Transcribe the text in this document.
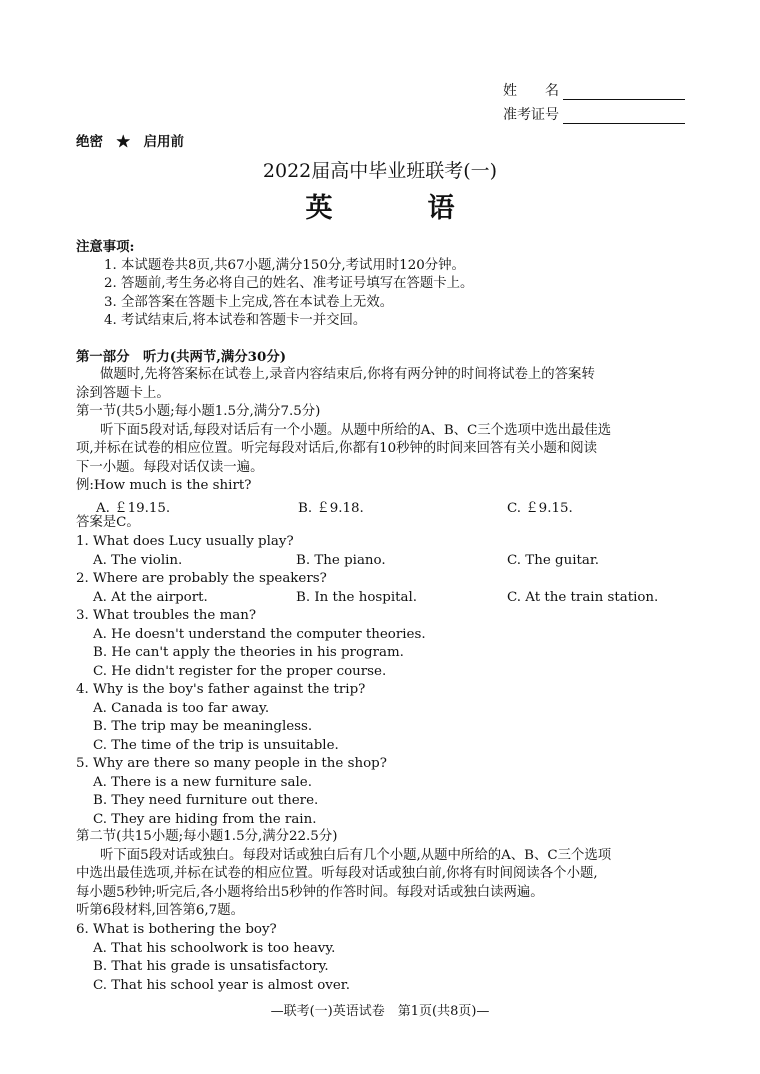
姓　　名
准考证号
绝密　★　启用前
2022届高中毕业班联考(一)
英　语
注意事项:
1. 本试题卷共8页,共67小题,满分150分,考试用时120分钟。
2. 答题前,考生务必将自己的姓名、准考证号填写在答题卡上。
3. 全部答案在答题卡上完成,答在本试卷上无效。
4. 考试结束后,将本试卷和答题卡一并交回。
第一部分　听力(共两节,满分30分)
做题时,先将答案标在试卷上,录音内容结束后,你将有两分钟的时间将试卷上的答案转
涂到答题卡上。
第一节(共5小题;每小题1.5分,满分7.5分)
听下面5段对话,每段对话后有一个小题。从题中所给的A、B、C三个选项中选出最佳选
项,并标在试卷的相应位置。听完每段对话后,你都有10秒钟的时间来回答有关小题和阅读
下一小题。每段对话仅读一遍。
例:How much is the shirt?
A. ￡19.15.	B. ￡9.18.	C. ￡9.15.
答案是C。
1. What does Lucy usually play?
A. The violin.	B. The piano.	C. The guitar.
2. Where are probably the speakers?
A. At the airport.	B. In the hospital.	C. At the train station.
3. What troubles the man?
A. He doesn't understand the computer theories.
B. He can't apply the theories in his program.
C. He didn't register for the proper course.
4. Why is the boy's father against the trip?
A. Canada is too far away.
B. The trip may be meaningless.
C. The time of the trip is unsuitable.
5. Why are there so many people in the shop?
A. There is a new furniture sale.
B. They need furniture out there.
C. They are hiding from the rain.
第二节(共15小题;每小题1.5分,满分22.5分)
听下面5段对话或独白。每段对话或独白后有几个小题,从题中所给的A、B、C三个选项
中选出最佳选项,并标在试卷的相应位置。听每段对话或独白前,你将有时间阅读各个小题,
每小题5秒钟;听完后,各小题将给出5秒钟的作答时间。每段对话或独白读两遍。
听第6段材料,回答第6,7题。
6. What is bothering the boy?
A. That his schoolwork is too heavy.
B. That his grade is unsatisfactory.
C. That his school year is almost over.
—联考(一)英语试卷　第1页(共8页)—
